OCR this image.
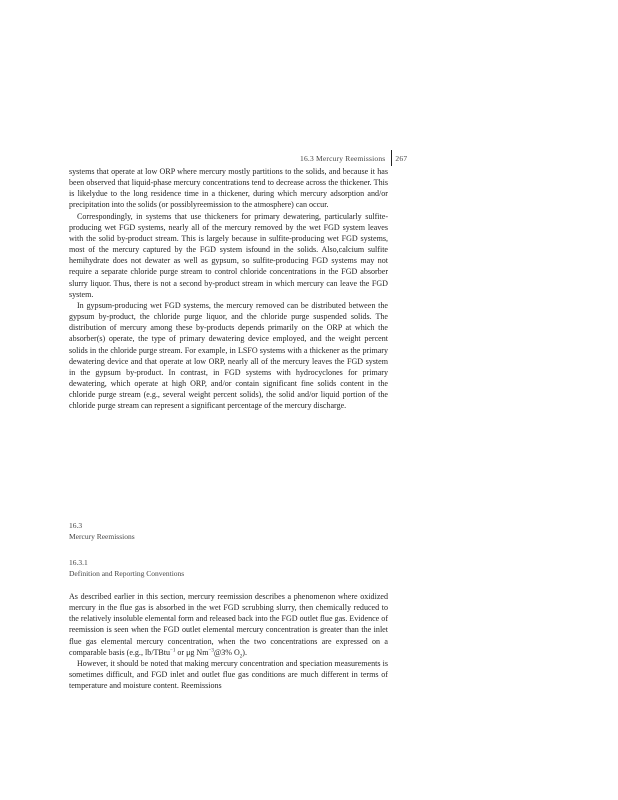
16.3 Mercury Reemissions 267

systems that operate at low ORP where mercury mostly partitions to the solids, and because it has been observed that liquid-phase mercury concentrations tend to decrease across the thickener. This is likelydue to the long residence time in a thickener, during which mercury adsorption and/or precipitation into the solids (or possiblyreemission to the atmosphere) can occur.

Correspondingly, in systems that use thickeners for primary dewatering, particularly sulfite-producing wet FGD systems, nearly all of the mercury removed by the wet FGD system leaves with the solid by-product stream. This is largely because in sulfite-producing wet FGD systems, most of the mercury captured by the FGD system isfound in the solids. Also,calcium sulfite hemihydrate does not dewater as well as gypsum, so sulfite-producing FGD systems may not require a separate chloride purge stream to control chloride concentrations in the FGD absorber slurry liquor. Thus, there is not a second by-product stream in which mercury can leave the FGD system.

In gypsum-producing wet FGD systems, the mercury removed can be distributed between the gypsum by-product, the chloride purge liquor, and the chloride purge suspended solids. The distribution of mercury among these by-products depends primarily on the ORP at which the absorber(s) operate, the type of primary dewatering device employed, and the weight percent solids in the chloride purge stream. For example, in LSFO systems with a thickener as the primary dewatering device and that operate at low ORP, nearly all of the mercury leaves the FGD system in the gypsum by-product. In contrast, in FGD systems with hydrocyclones for primary dewatering, which operate at high ORP, and/or contain significant fine solids content in the chloride purge stream (e.g., several weight percent solids), the solid and/or liquid portion of the chloride purge stream can represent a significant percentage of the mercury discharge.

16.3
Mercury Reemissions
16.3.1
Definition and Reporting Conventions

As described earlier in this section, mercury reemission describes a phenomenon where oxidized mercury in the flue gas is absorbed in the wet FGD scrubbing slurry, then chemically reduced to the relatively insoluble elemental form and released back into the FGD outlet flue gas. Evidence of reemission is seen when the FGD outlet elemental mercury concentration is greater than the inlet flue gas elemental mercury concentration, when the two concentrations are expressed on a comparable basis (e.g., lb/TBtu$^{-1}$ or μg $Nm^{-3}@3\%$ $O_2$).

However, it should be noted that making mercury concentration and speciation measurements is sometimes difficult, and FGD inlet and outlet flue gas conditions are much different in terms of temperature and moisture content. Reemissions
